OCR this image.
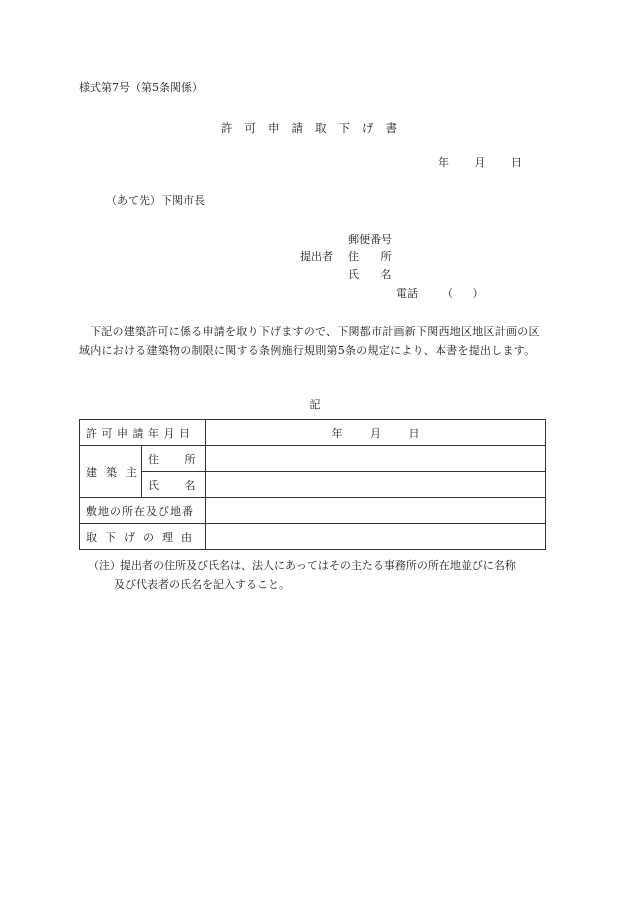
様式第7号（第5条関係）
許可申請取下げ書
年 月 日
（あて先）下関市長
郵便番号
提出者 住 所
氏 名
電話 （ ）
下記の建築許可に係る申請を取り下げますので、下関都市計画新下関西地区地区計画の区域内における建築物の制限に関する条例施行規則第5条の規定により、本書を提出します。
記
許可申請年月日		年 月 日
建築主	住 所	
	氏 名	
敷地の所在及び地番		
取下げの理由		
（注） 提出者の住所及び氏名は、法人にあってはその主たる事務所の所在地並びに名称
及び代表者の氏名を記入すること。
